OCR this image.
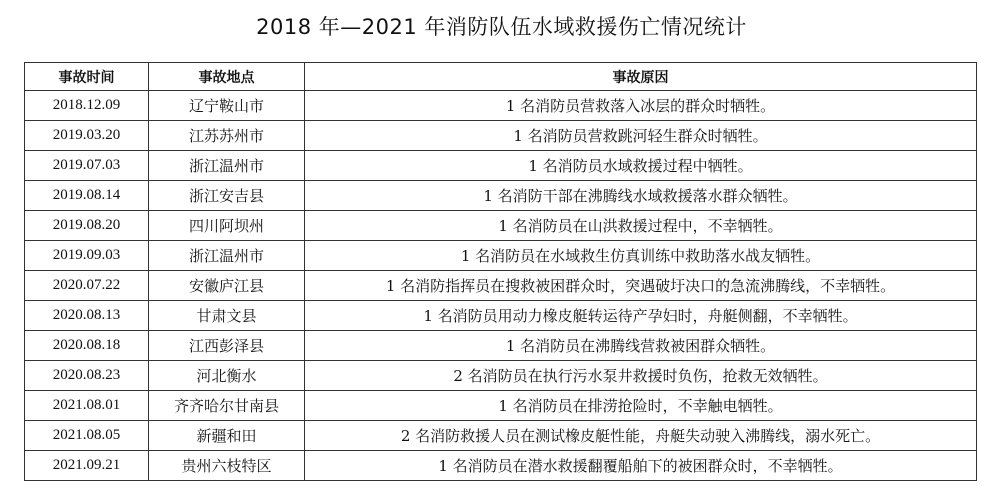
2018 年—2021 年消防队伍水域救援伤亡情况统计
事故时间	事故地点	事故原因
2018.12.09	辽宁鞍山市	1 名消防员营救落入冰层的群众时牺牲。
2019.03.20	江苏苏州市	1 名消防员营救跳河轻生群众时牺牲。
2019.07.03	浙江温州市	1 名消防员水域救援过程中牺牲。
2019.08.14	浙江安吉县	1 名消防干部在沸腾线水域救援落水群众牺牲。
2019.08.20	四川阿坝州	1 名消防员在山洪救援过程中，不幸牺牲。
2019.09.03	浙江温州市	1 名消防员在水域救生仿真训练中救助落水战友牺牲。
2020.07.22	安徽庐江县	1 名消防指挥员在搜救被困群众时，突遇破圩决口的急流沸腾线，不幸牺牲。
2020.08.13	甘肃文县	1 名消防员用动力橡皮艇转运待产孕妇时，舟艇侧翻，不幸牺牲。
2020.08.18	江西彭泽县	1 名消防员在沸腾线营救被困群众牺牲。
2020.08.23	河北衡水	2 名消防员在执行污水泵井救援时负伤，抢救无效牺牲。
2021.08.01	齐齐哈尔甘南县	1 名消防员在排涝抢险时，不幸触电牺牲。
2021.08.05	新疆和田	2 名消防救援人员在测试橡皮艇性能，舟艇失动驶入沸腾线，溺水死亡。
2021.09.21	贵州六枝特区	1 名消防员在潜水救援翻覆船舶下的被困群众时，不幸牺牲。
